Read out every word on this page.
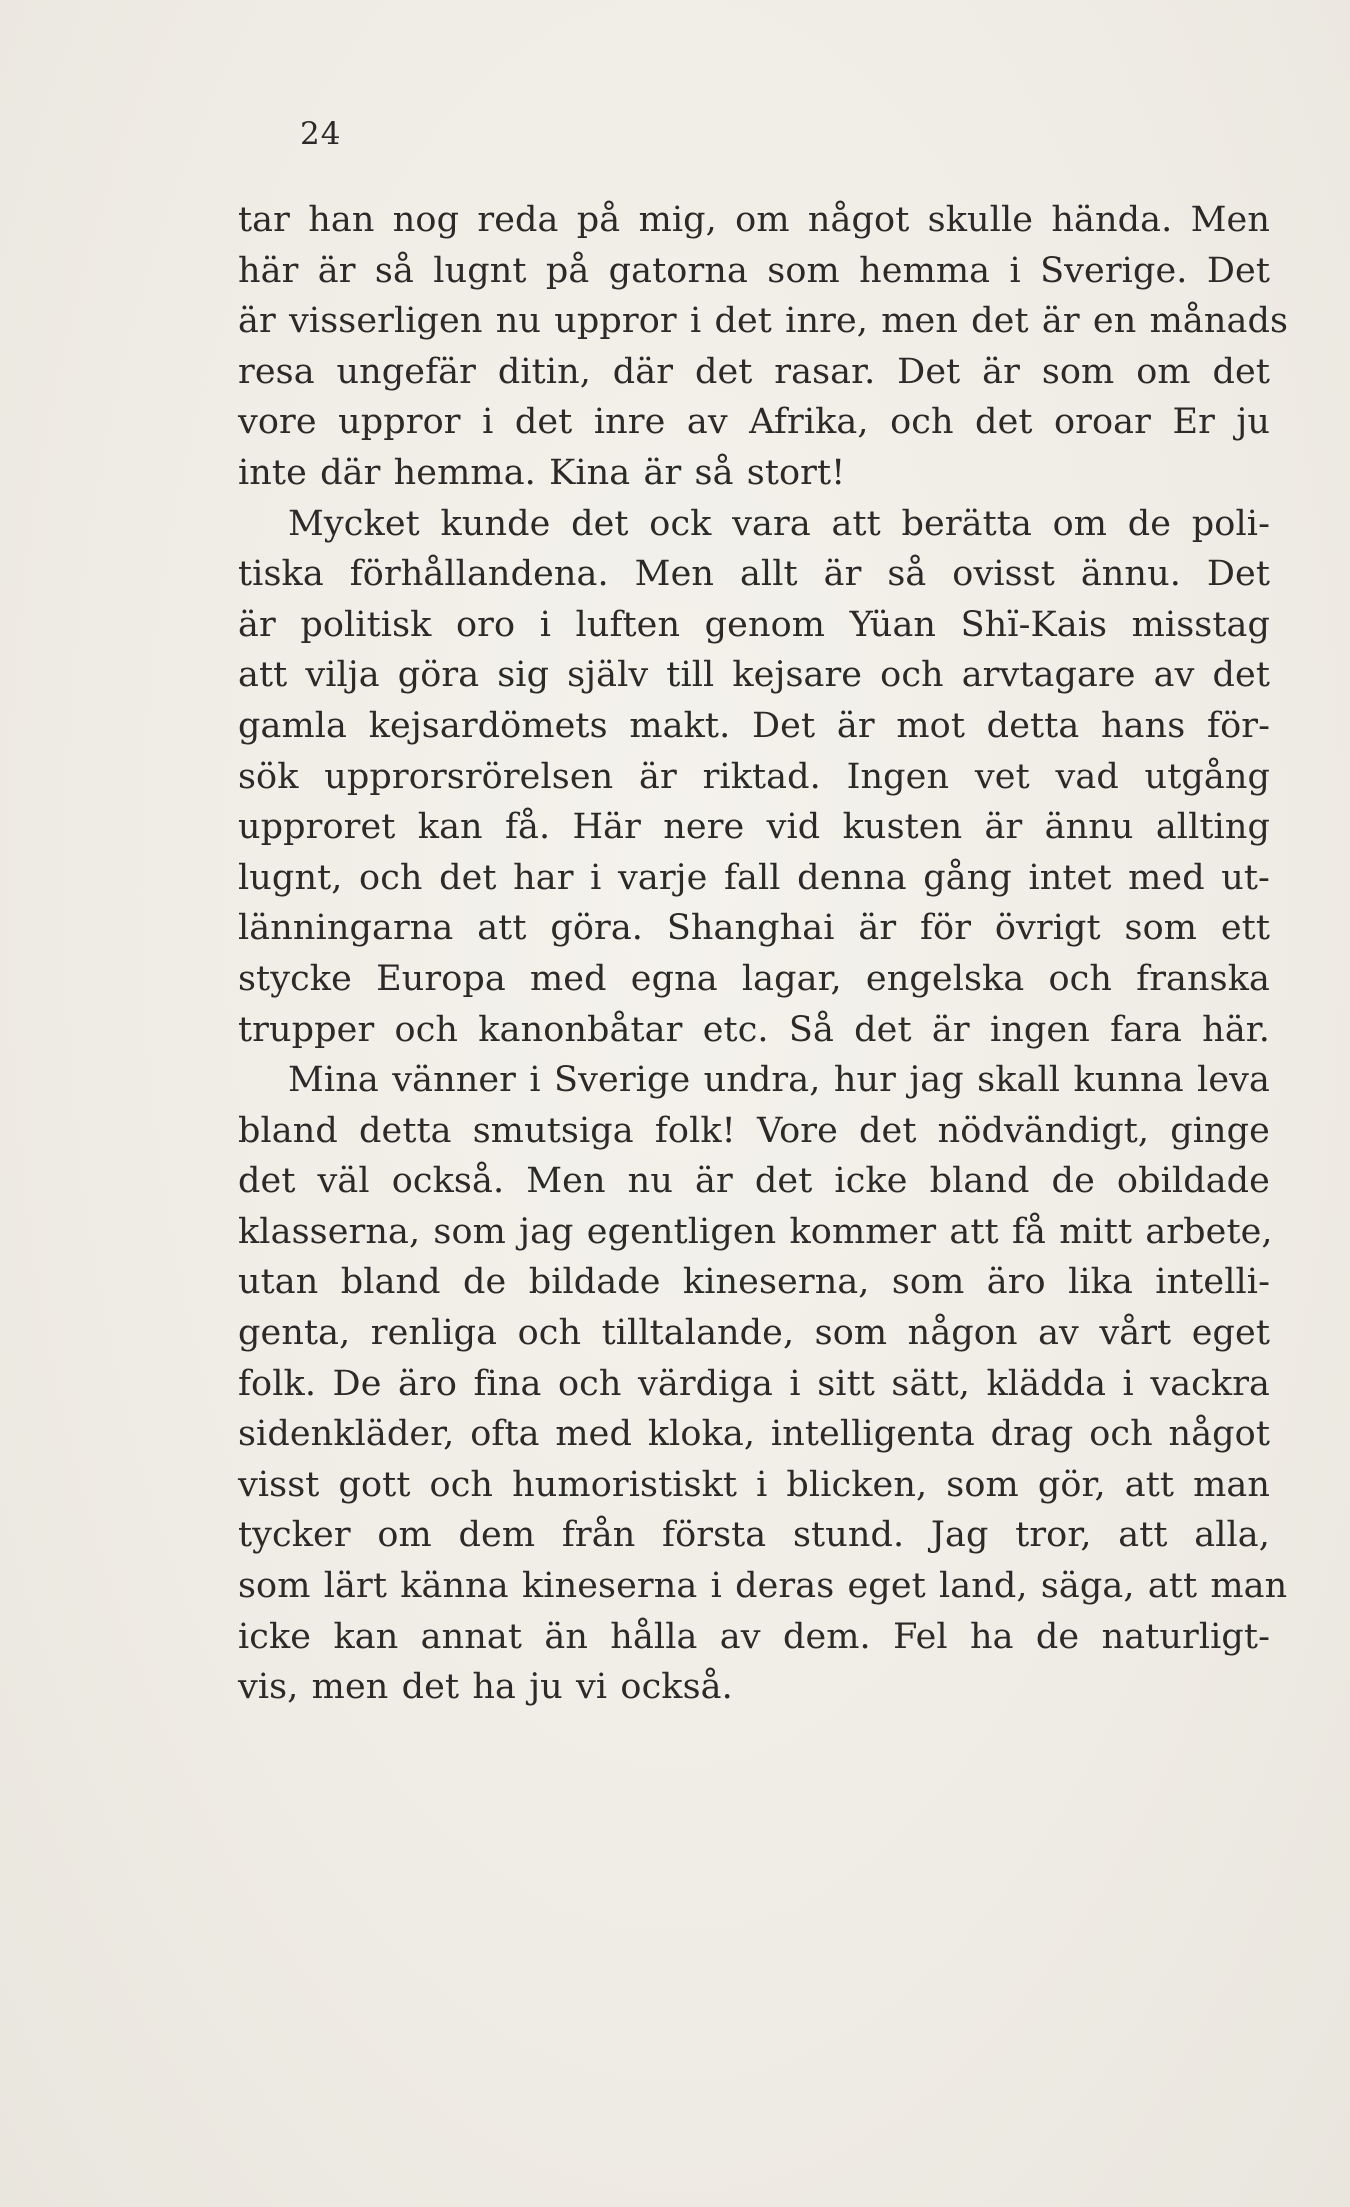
24
tar han nog reda på mig, om något skulle hända. Men
här är så lugnt på gatorna som hemma i Sverige. Det
är visserligen nu uppror i det inre, men det är en månads
resa ungefär ditin, där det rasar. Det är som om det
vore uppror i det inre av Afrika, och det oroar Er ju
inte där hemma. Kina är så stort!
Mycket kunde det ock vara att berätta om de poli-
tiska förhållandena. Men allt är så ovisst ännu. Det
är politisk oro i luften genom Yüan Shï-Kais misstag
att vilja göra sig själv till kejsare och arvtagare av det
gamla kejsardömets makt. Det är mot detta hans för-
sök upprorsrörelsen är riktad. Ingen vet vad utgång
upproret kan få. Här nere vid kusten är ännu allting
lugnt, och det har i varje fall denna gång intet med ut-
länningarna att göra. Shanghai är för övrigt som ett
stycke Europa med egna lagar, engelska och franska
trupper och kanonbåtar etc. Så det är ingen fara här.
Mina vänner i Sverige undra, hur jag skall kunna leva
bland detta smutsiga folk! Vore det nödvändigt, ginge
det väl också. Men nu är det icke bland de obildade
klasserna, som jag egentligen kommer att få mitt arbete,
utan bland de bildade kineserna, som äro lika intelli-
genta, renliga och tilltalande, som någon av vårt eget
folk. De äro fina och värdiga i sitt sätt, klädda i vackra
sidenkläder, ofta med kloka, intelligenta drag och något
visst gott och humoristiskt i blicken, som gör, att man
tycker om dem från första stund. Jag tror, att alla,
som lärt känna kineserna i deras eget land, säga, att man
icke kan annat än hålla av dem. Fel ha de naturligt-
vis, men det ha ju vi också.
